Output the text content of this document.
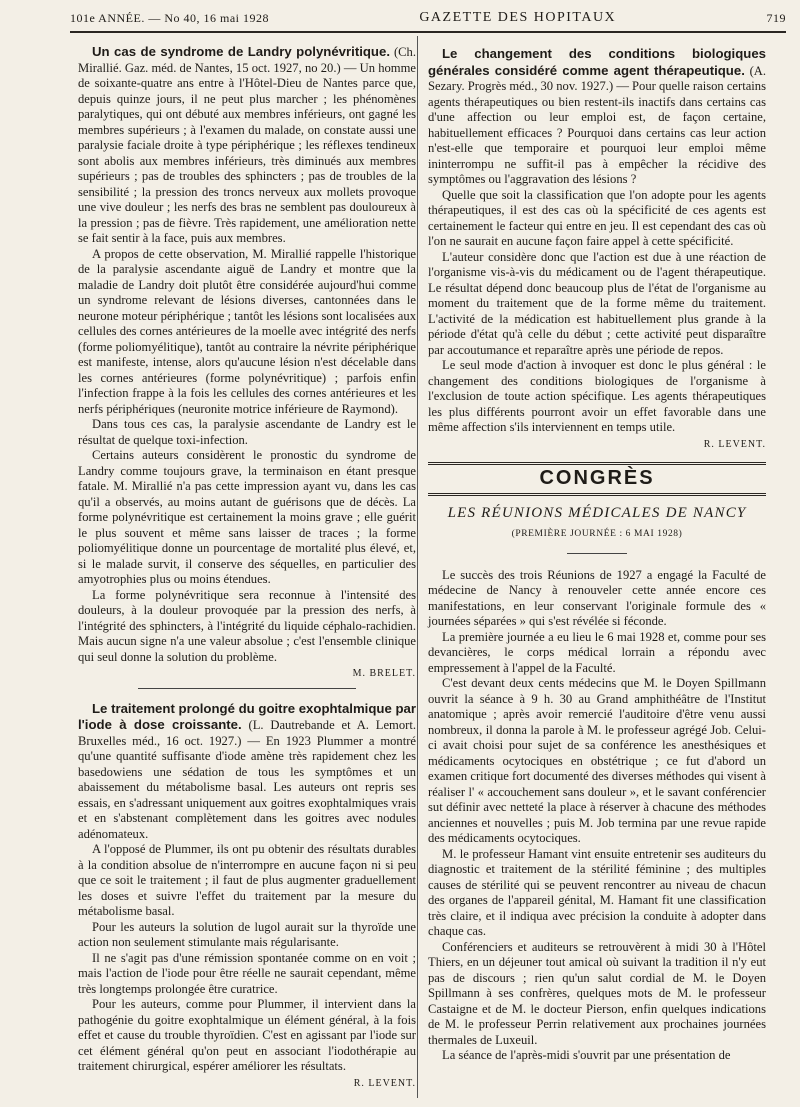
101e ANNÉE. — No 40, 16 mai 1928	GAZETTE DES HOPITAUX	719

Un cas de syndrome de Landry polynévritique. (Ch. Mirallié. Gaz. méd. de Nantes, 15 oct. 1927, no 20.) — Un homme de soixante-quatre ans entre à l'Hôtel-Dieu de Nantes parce que, depuis quinze jours, il ne peut plus marcher ; les phénomènes paralytiques, qui ont débuté aux membres inférieurs, ont gagné les membres supérieurs ; à l'examen du malade, on constate aussi une paralysie faciale droite à type périphérique ; les réflexes tendineux sont abolis aux membres inférieurs, très diminués aux membres supérieurs ; pas de troubles des sphincters ; pas de troubles de la sensibilité ; la pression des troncs nerveux aux mollets provoque une vive douleur ; les nerfs des bras ne semblent pas douloureux à la pression ; pas de fièvre. Très rapidement, une amélioration nette se fait sentir à la face, puis aux membres.

A propos de cette observation, M. Mirallié rappelle l'historique de la paralysie ascendante aiguë de Landry et montre que la maladie de Landry doit plutôt être considérée aujourd'hui comme un syndrome relevant de lésions diverses, cantonnées dans le neurone moteur périphérique ; tantôt les lésions sont localisées aux cellules des cornes antérieures de la moelle avec intégrité des nerfs (forme poliomyélitique), tantôt au contraire la névrite périphérique est manifeste, intense, alors qu'aucune lésion n'est décelable dans les cornes antérieures (forme polynévritique) ; parfois enfin l'infection frappe à la fois les cellules des cornes antérieures et les nerfs périphériques (neuronite motrice inférieure de Raymond).

Dans tous ces cas, la paralysie ascendante de Landry est le résultat de quelque toxi-infection.

Certains auteurs considèrent le pronostic du syndrome de Landry comme toujours grave, la terminaison en étant presque fatale. M. Mirallié n'a pas cette impression ayant vu, dans les cas qu'il a observés, au moins autant de guérisons que de décès. La forme polynévritique est certainement la moins grave ; elle guérit le plus souvent et même sans laisser de traces ; la forme poliomyélitique donne un pourcentage de mortalité plus élevé, et, si le malade survit, il conserve des séquelles, en particulier des amyotrophies plus ou moins étendues.

La forme polynévritique sera reconnue à l'intensité des douleurs, à la douleur provoquée par la pression des nerfs, à l'intégrité des sphincters, à l'intégrité du liquide céphalo-rachidien. Mais aucun signe n'a une valeur absolue ; c'est l'ensemble clinique qui seul donne la solution du problème.

M. BRELET.

Le traitement prolongé du goitre exophtalmique par l'iode à dose croissante. (L. Dautrebande et A. Lemort. Bruxelles méd., 16 oct. 1927.) — En 1923 Plummer a montré qu'une quantité suffisante d'iode amène très rapidement chez les basedowiens une sédation de tous les symptômes et un abaissement du métabolisme basal. Les auteurs ont repris ses essais, en s'adressant uniquement aux goitres exophtalmiques vrais et en s'abstenant complètement dans les goitres avec nodules adénomateux.

A l'opposé de Plummer, ils ont pu obtenir des résultats durables à la condition absolue de n'interrompre en aucune façon ni si peu que ce soit le traitement ; il faut de plus augmenter graduellement les doses et suivre l'effet du traitement par la mesure du métabolisme basal.

Pour les auteurs la solution de lugol aurait sur la thyroïde une action non seulement stimulante mais régularisante.

Il ne s'agit pas d'une rémission spontanée comme on en voit ; mais l'action de l'iode pour être réelle ne saurait cependant, même très longtemps prolongée être curatrice.

Pour les auteurs, comme pour Plummer, il intervient dans la pathogénie du goitre exophtalmique un élément général, à la fois effet et cause du trouble thyroïdien. C'est en agissant par l'iode sur cet élément général qu'on peut en associant l'iodothérapie au traitement chirurgical, espérer améliorer les résultats.

R. LEVENT.

Le changement des conditions biologiques générales considéré comme agent thérapeutique. (A. Sezary. Progrès méd., 30 nov. 1927.) — Pour quelle raison certains agents thérapeutiques ou bien restent-ils inactifs dans certains cas d'une affection ou leur emploi est, de façon certaine, habituellement efficaces ? Pourquoi dans certains cas leur action n'est-elle que temporaire et pourquoi leur emploi même ininterrompu ne suffit-il pas à empêcher la récidive des symptômes ou l'aggravation des lésions ?

Quelle que soit la classification que l'on adopte pour les agents thérapeutiques, il est des cas où la spécificité de ces agents est certainement le facteur qui entre en jeu. Il est cependant des cas où l'on ne saurait en aucune façon faire appel à cette spécificité.

L'auteur considère donc que l'action est due à une réaction de l'organisme vis-à-vis du médicament ou de l'agent thérapeutique. Le résultat dépend donc beaucoup plus de l'état de l'organisme au moment du traitement que de la forme même du traitement. L'activité de la médication est habituellement plus grande à la période d'état qu'à celle du début ; cette activité peut disparaître par accoutumance et reparaître après une période de repos.

Le seul mode d'action à invoquer est donc le plus général : le changement des conditions biologiques de l'organisme à l'exclusion de toute action spécifique. Les agents thérapeutiques les plus différents pourront avoir un effet favorable dans une même affection s'ils interviennent en temps utile.

R. LEVENT.
CONGRÈS
LES RÉUNIONS MÉDICALES DE NANCY
(PREMIÈRE JOURNÉE : 6 MAI 1928)

Le succès des trois Réunions de 1927 a engagé la Faculté de médecine de Nancy à renouveler cette année encore ces manifestations, en leur conservant l'originale formule des « journées séparées » qui s'est révélée si féconde.

La première journée a eu lieu le 6 mai 1928 et, comme pour ses devancières, le corps médical lorrain a répondu avec empressement à l'appel de la Faculté.

C'est devant deux cents médecins que M. le Doyen Spillmann ouvrit la séance à 9 h. 30 au Grand amphithéâtre de l'Institut anatomique ; après avoir remercié l'auditoire d'être venu aussi nombreux, il donna la parole à M. le professeur agrégé Job. Celui-ci avait choisi pour sujet de sa conférence les anesthésiques et médicaments ocytociques en obstétrique ; ce fut d'abord un examen critique fort documenté des diverses méthodes qui visent à réaliser l' « accouchement sans douleur », et le savant conférencier sut définir avec netteté la place à réserver à chacune des méthodes anciennes et nouvelles ; puis M. Job termina par une revue rapide des médicaments ocytociques.

M. le professeur Hamant vint ensuite entretenir ses auditeurs du diagnostic et traitement de la stérilité féminine ; des multiples causes de stérilité qui se peuvent rencontrer au niveau de chacun des organes de l'appareil génital, M. Hamant fit une classification très claire, et il indiqua avec précision la conduite à adopter dans chaque cas.

Conférenciers et auditeurs se retrouvèrent à midi 30 à l'Hôtel Thiers, en un déjeuner tout amical où suivant la tradition il n'y eut pas de discours ; rien qu'un salut cordial de M. le Doyen Spillmann à ses confrères, quelques mots de M. le professeur Castaigne et de M. le docteur Pierson, enfin quelques indications de M. le professeur Perrin relativement aux prochaines journées thermales de Luxeuil.

La séance de l'après-midi s'ouvrit par une présentation de
